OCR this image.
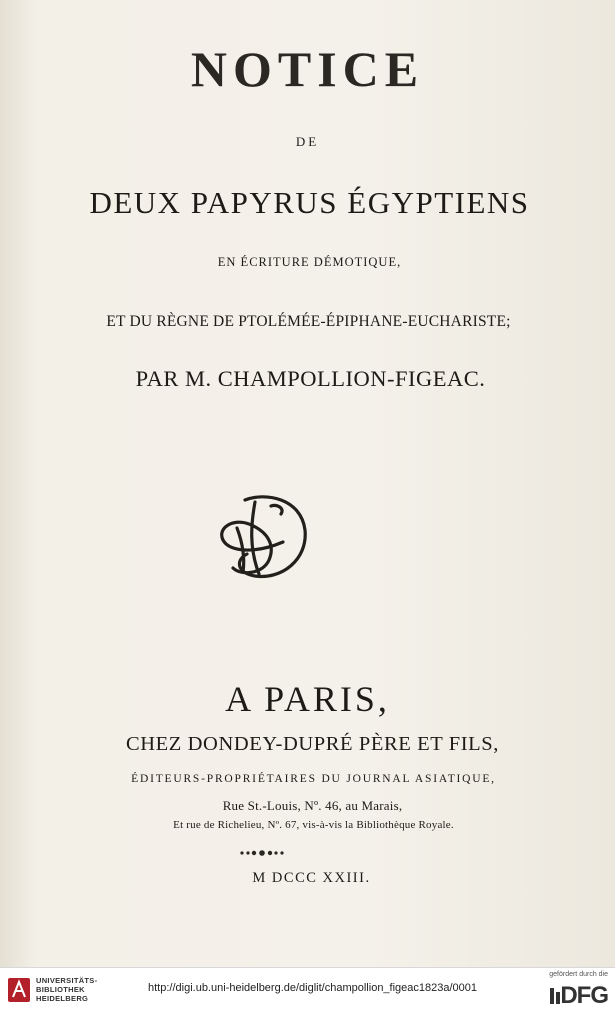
NOTICE
DE
DEUX PAPYRUS ÉGYPTIENS
EN ÉCRITURE DÉMOTIQUE,
ET DU RÈGNE DE PTOLÉMÉE-ÉPIPHANE-EUCHARISTE;
PAR M. CHAMPOLLION-FIGEAC.
A PARIS,
CHEZ DONDEY-DUPRÉ PÈRE ET FILS,
ÉDITEURS-PROPRIÉTAIRES DU JOURNAL ASIATIQUE,
Rue St.-Louis, Nº. 46, au Marais,
Et rue de Richelieu, Nº. 67, vis-à-vis la Bibliothèque Royale.
M DCCC XXIII.
UNIVERSITÄTS-
BIBLIOTHEK
HEIDELBERG
http://digi.ub.uni-heidelberg.de/diglit/champollion_figeac1823a/0001
gefördert durch die
DFG
